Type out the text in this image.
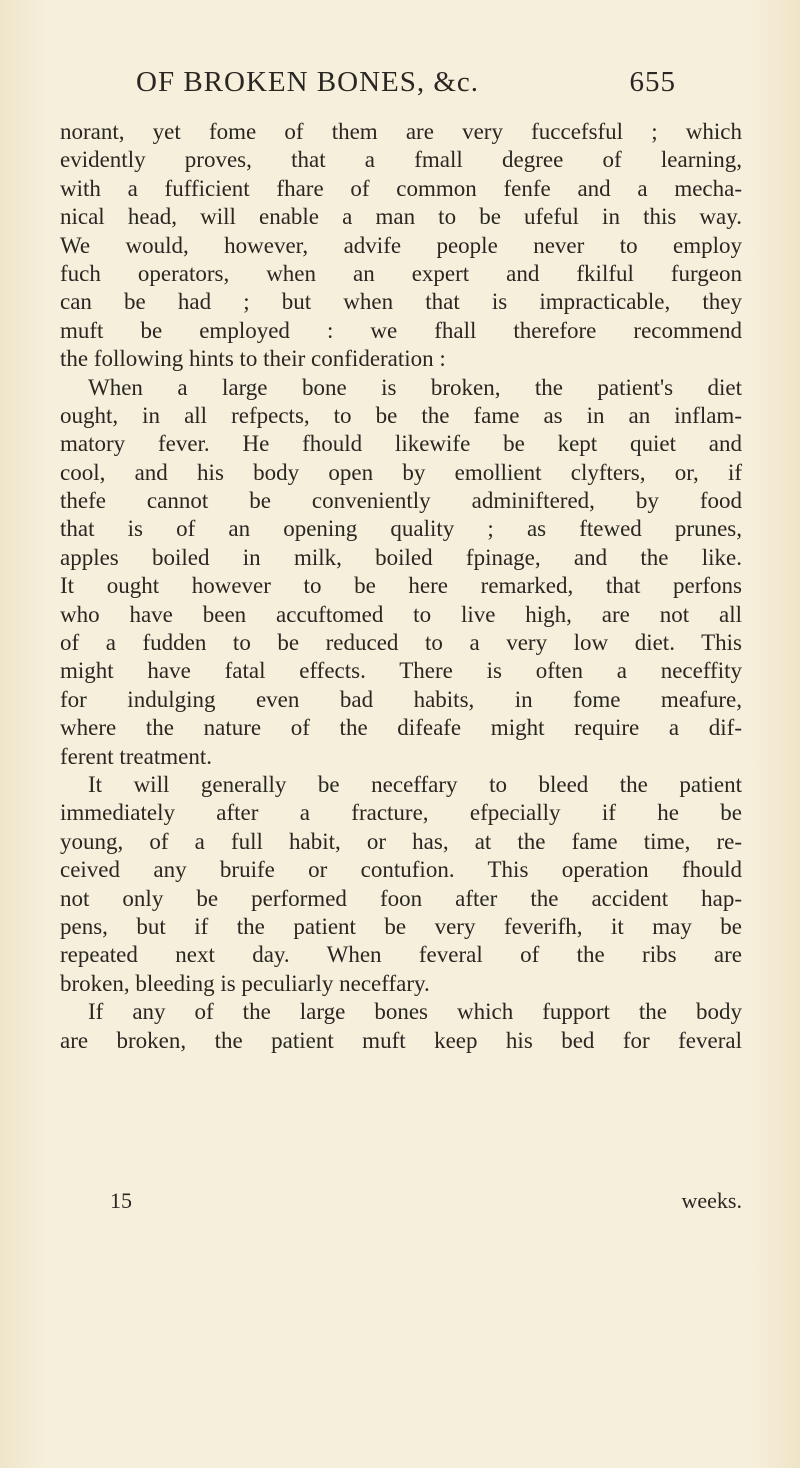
OF BROKEN BONES, &c.	655
norant, yet fome of them are very fuccefsful ; which
evidently proves, that a fmall degree of learning,
with a fufficient fhare of common fenfe and a mecha-
nical head, will enable a man to be ufeful in this way.
We would, however, advife people never to employ
fuch operators, when an expert and fkilful furgeon
can be had ; but when that is impracticable, they
muft be employed : we fhall therefore recommend
the following hints to their confideration :
When a large bone is broken, the patient's diet
ought, in all refpects, to be the fame as in an inflam-
matory fever. He fhould likewife be kept quiet and
cool, and his body open by emollient clyfters, or, if
thefe cannot be conveniently adminiftered, by food
that is of an opening quality ; as ftewed prunes,
apples boiled in milk, boiled fpinage, and the like.
It ought however to be here remarked, that perfons
who have been accuftomed to live high, are not all
of a fudden to be reduced to a very low diet. This
might have fatal effects. There is often a neceffity
for indulging even bad habits, in fome meafure,
where the nature of the difeafe might require a dif-
ferent treatment.
It will generally be neceffary to bleed the patient
immediately after a fracture, efpecially if he be
young, of a full habit, or has, at the fame time, re-
ceived any bruife or contufion. This operation fhould
not only be performed foon after the accident hap-
pens, but if the patient be very feverifh, it may be
repeated next day. When feveral of the ribs are
broken, bleeding is peculiarly neceffary.
If any of the large bones which fupport the body
are broken, the patient muft keep his bed for feveral
15	weeks.
